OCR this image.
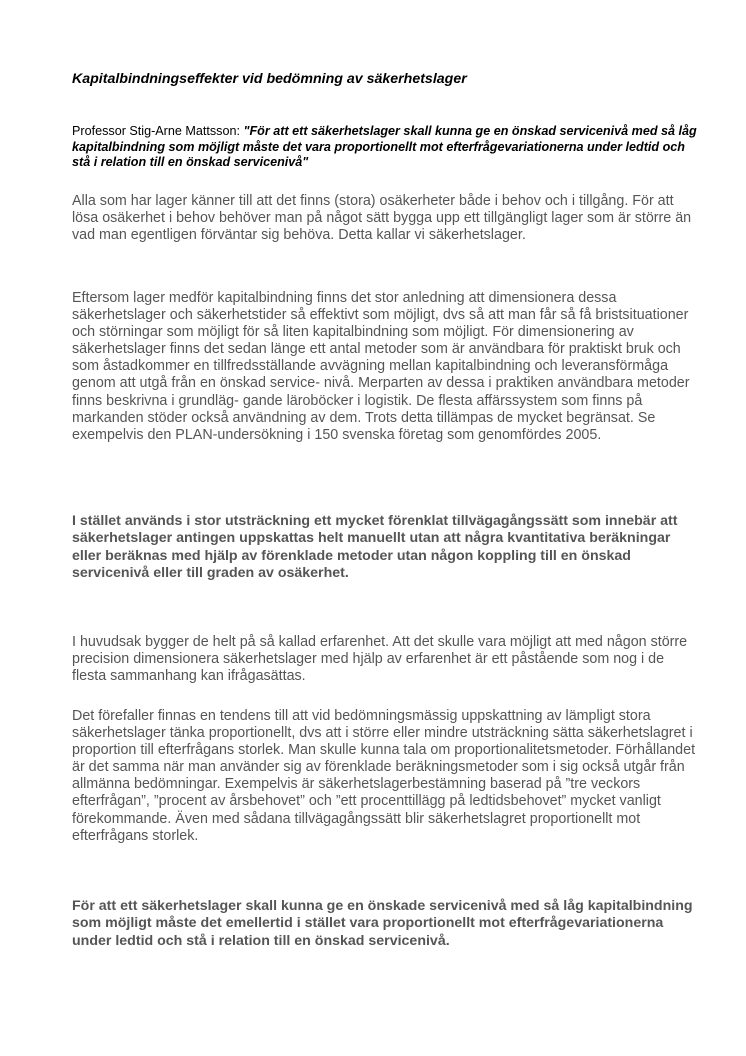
Kapitalbindningseffekter vid bedömning av säkerhetslager

Professor Stig-Arne Mattsson: "För att ett säkerhetslager skall kunna ge en önskad servicenivå med så låg kapitalbindning som möjligt måste det vara proportionellt mot efterfrågevariationerna under ledtid och stå i relation till en önskad servicenivå"

Alla som har lager känner till att det finns (stora) osäkerheter både i behov och i tillgång. För att lösa osäkerhet i behov behöver man på något sätt bygga upp ett tillgängligt lager som är större än vad man egentligen förväntar sig behöva. Detta kallar vi säkerhetslager.

Eftersom lager medför kapitalbindning finns det stor anledning att dimensionera dessa säkerhetslager och säkerhetstider så effektivt som möjligt, dvs så att man får så få bristsituationer och störningar som möjligt för så liten kapitalbindning som möjligt. För dimensionering av säkerhetslager finns det sedan länge ett antal metoder som är användbara för praktiskt bruk och som åstadkommer en tillfredsställande avvägning mellan kapitalbindning och leveransförmåga genom att utgå från en önskad service- nivå. Merparten av dessa i praktiken användbara metoder finns beskrivna i grundläg- gande läroböcker i logistik. De flesta affärssystem som finns på markanden stöder också användning av dem. Trots detta tillämpas de mycket begränsat. Se exempelvis den PLAN-undersökning i 150 svenska företag som genomfördes 2005.

I stället används i stor utsträckning ett mycket förenklat tillvägagångssätt som innebär att säkerhetslager antingen uppskattas helt manuellt utan att några kvantitativa beräkningar eller beräknas med hjälp av förenklade metoder utan någon koppling till en önskad servicenivå eller till graden av osäkerhet.

I huvudsak bygger de helt på så kallad erfarenhet. Att det skulle vara möjligt att med någon större precision dimensionera säkerhetslager med hjälp av erfarenhet är ett påstående som nog i de flesta sammanhang kan ifrågasättas.

Det förefaller finnas en tendens till att vid bedömningsmässig uppskattning av lämpligt stora säkerhetslager tänka proportionellt, dvs att i större eller mindre utsträckning sätta säkerhetslagret i proportion till efterfrågans storlek. Man skulle kunna tala om proportionalitetsmetoder. Förhållandet är det samma när man använder sig av förenklade beräkningsmetoder som i sig också utgår från allmänna bedömningar. Exempelvis är säkerhetslagerbestämning baserad på ”tre veckors efterfrågan”, ”procent av årsbehovet” och ”ett procenttillägg på ledtidsbehovet” mycket vanligt förekommande. Även med sådana tillvägagångssätt blir säkerhetslagret proportionellt mot efterfrågans storlek.

För att ett säkerhetslager skall kunna ge en önskade servicenivå med så låg kapitalbindning som möjligt måste det emellertid i stället vara proportionellt mot efterfrågevariationerna under ledtid och stå i relation till en önskad servicenivå.
